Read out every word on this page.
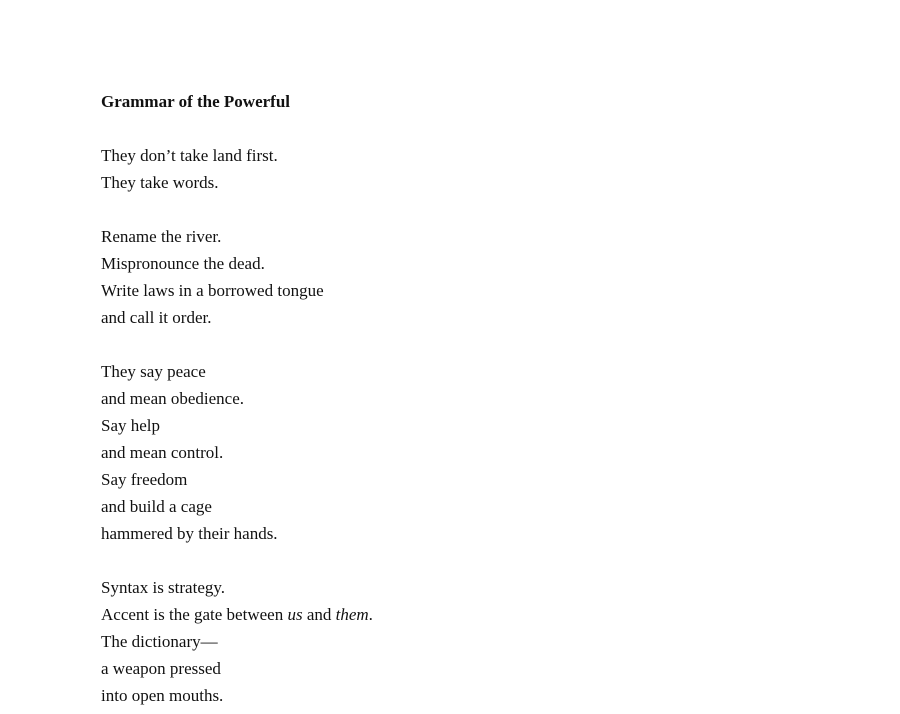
Grammar of the Powerful
They don’t take land first.
They take words.
Rename the river.
Mispronounce the dead.
Write laws in a borrowed tongue
and call it order.
They say peace
and mean obedience.
Say help
and mean control.
Say freedom
and build a cage
hammered by their hands.
Syntax is strategy.
Accent is the gate between us and them.
The dictionary—
a weapon pressed
into open mouths.
